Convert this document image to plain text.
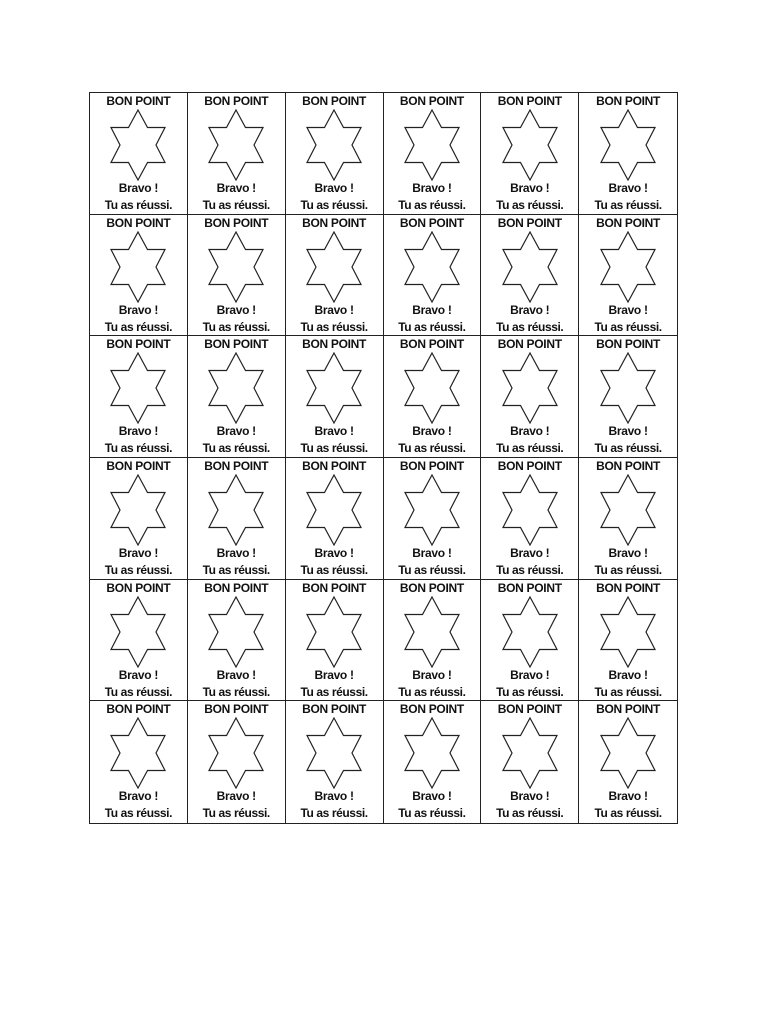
BON POINT
Bravo !
Tu as réussi.
BON POINT
Bravo !
Tu as réussi.
BON POINT
Bravo !
Tu as réussi.
BON POINT
Bravo !
Tu as réussi.
BON POINT
Bravo !
Tu as réussi.
BON POINT
Bravo !
Tu as réussi.
BON POINT
Bravo !
Tu as réussi.
BON POINT
Bravo !
Tu as réussi.
BON POINT
Bravo !
Tu as réussi.
BON POINT
Bravo !
Tu as réussi.
BON POINT
Bravo !
Tu as réussi.
BON POINT
Bravo !
Tu as réussi.
BON POINT
Bravo !
Tu as réussi.
BON POINT
Bravo !
Tu as réussi.
BON POINT
Bravo !
Tu as réussi.
BON POINT
Bravo !
Tu as réussi.
BON POINT
Bravo !
Tu as réussi.
BON POINT
Bravo !
Tu as réussi.
BON POINT
Bravo !
Tu as réussi.
BON POINT
Bravo !
Tu as réussi.
BON POINT
Bravo !
Tu as réussi.
BON POINT
Bravo !
Tu as réussi.
BON POINT
Bravo !
Tu as réussi.
BON POINT
Bravo !
Tu as réussi.
BON POINT
Bravo !
Tu as réussi.
BON POINT
Bravo !
Tu as réussi.
BON POINT
Bravo !
Tu as réussi.
BON POINT
Bravo !
Tu as réussi.
BON POINT
Bravo !
Tu as réussi.
BON POINT
Bravo !
Tu as réussi.
BON POINT
Bravo !
Tu as réussi.
BON POINT
Bravo !
Tu as réussi.
BON POINT
Bravo !
Tu as réussi.
BON POINT
Bravo !
Tu as réussi.
BON POINT
Bravo !
Tu as réussi.
BON POINT
Bravo !
Tu as réussi.
